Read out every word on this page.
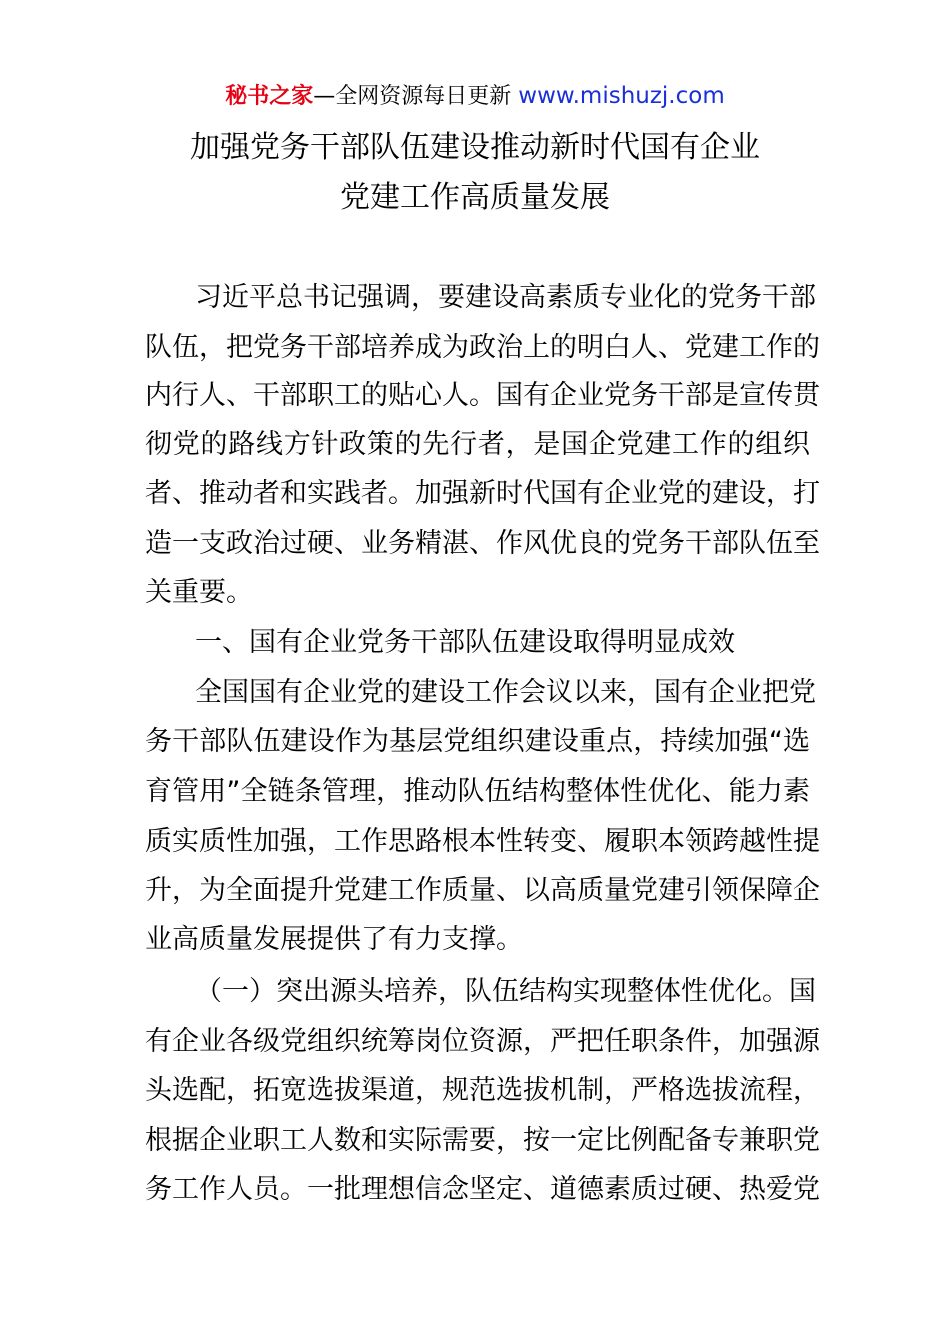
秘书之家—全网资源每日更新 www.mishuzj.com
加强党务干部队伍建设推动新时代国有企业
党建工作高质量发展
习近平总书记强调，要建设高素质专业化的党务干部
队伍，把党务干部培养成为政治上的明白人、党建工作的
内行人、干部职工的贴心人。国有企业党务干部是宣传贯
彻党的路线方针政策的先行者，是国企党建工作的组织
者、推动者和实践者。加强新时代国有企业党的建设，打
造一支政治过硬、业务精湛、作风优良的党务干部队伍至
关重要。
一、国有企业党务干部队伍建设取得明显成效
全国国有企业党的建设工作会议以来，国有企业把党
务干部队伍建设作为基层党组织建设重点，持续加强“选
育管用”全链条管理，推动队伍结构整体性优化、能力素
质实质性加强，工作思路根本性转变、履职本领跨越性提
升，为全面提升党建工作质量、以高质量党建引领保障企
业高质量发展提供了有力支撑。
（一）突出源头培养，队伍结构实现整体性优化。国
有企业各级党组织统筹岗位资源，严把任职条件，加强源
头选配，拓宽选拔渠道，规范选拔机制，严格选拔流程，
根据企业职工人数和实际需要，按一定比例配备专兼职党
务工作人员。一批理想信念坚定、道德素质过硬、热爱党
